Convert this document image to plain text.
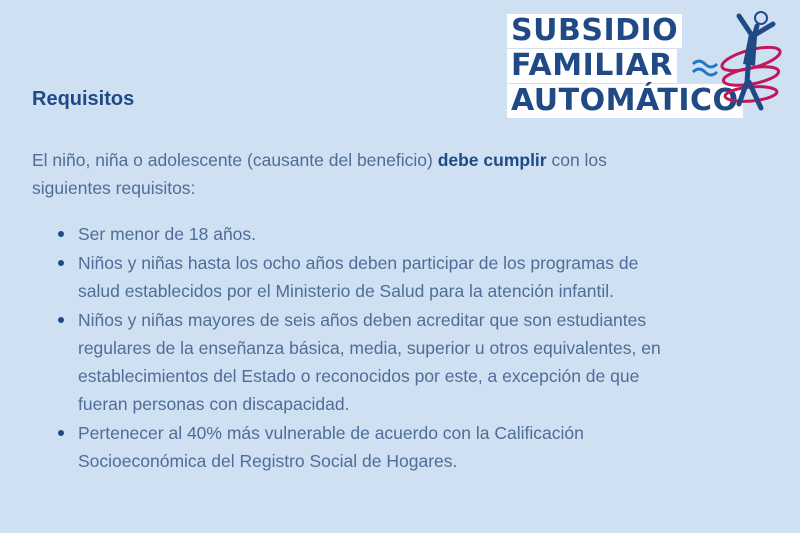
SUBSIDIO
FAMILIAR
AUTOMÁTICO
Requisitos

El niño, niña o adolescente (causante del beneficio) debe cumplir con los siguientes requisitos:

Ser menor de 18 años.
Niños y niñas hasta los ocho años deben participar de los programas de salud establecidos por el Ministerio de Salud para la atención infantil.
Niños y niñas mayores de seis años deben acreditar que son estudiantes regulares de la enseñanza básica, media, superior u otros equivalentes, en establecimientos del Estado o reconocidos por este, a excepción de que fueran personas con discapacidad.
Pertenecer al 40% más vulnerable de acuerdo con la Calificación Socioeconómica del Registro Social de Hogares.
